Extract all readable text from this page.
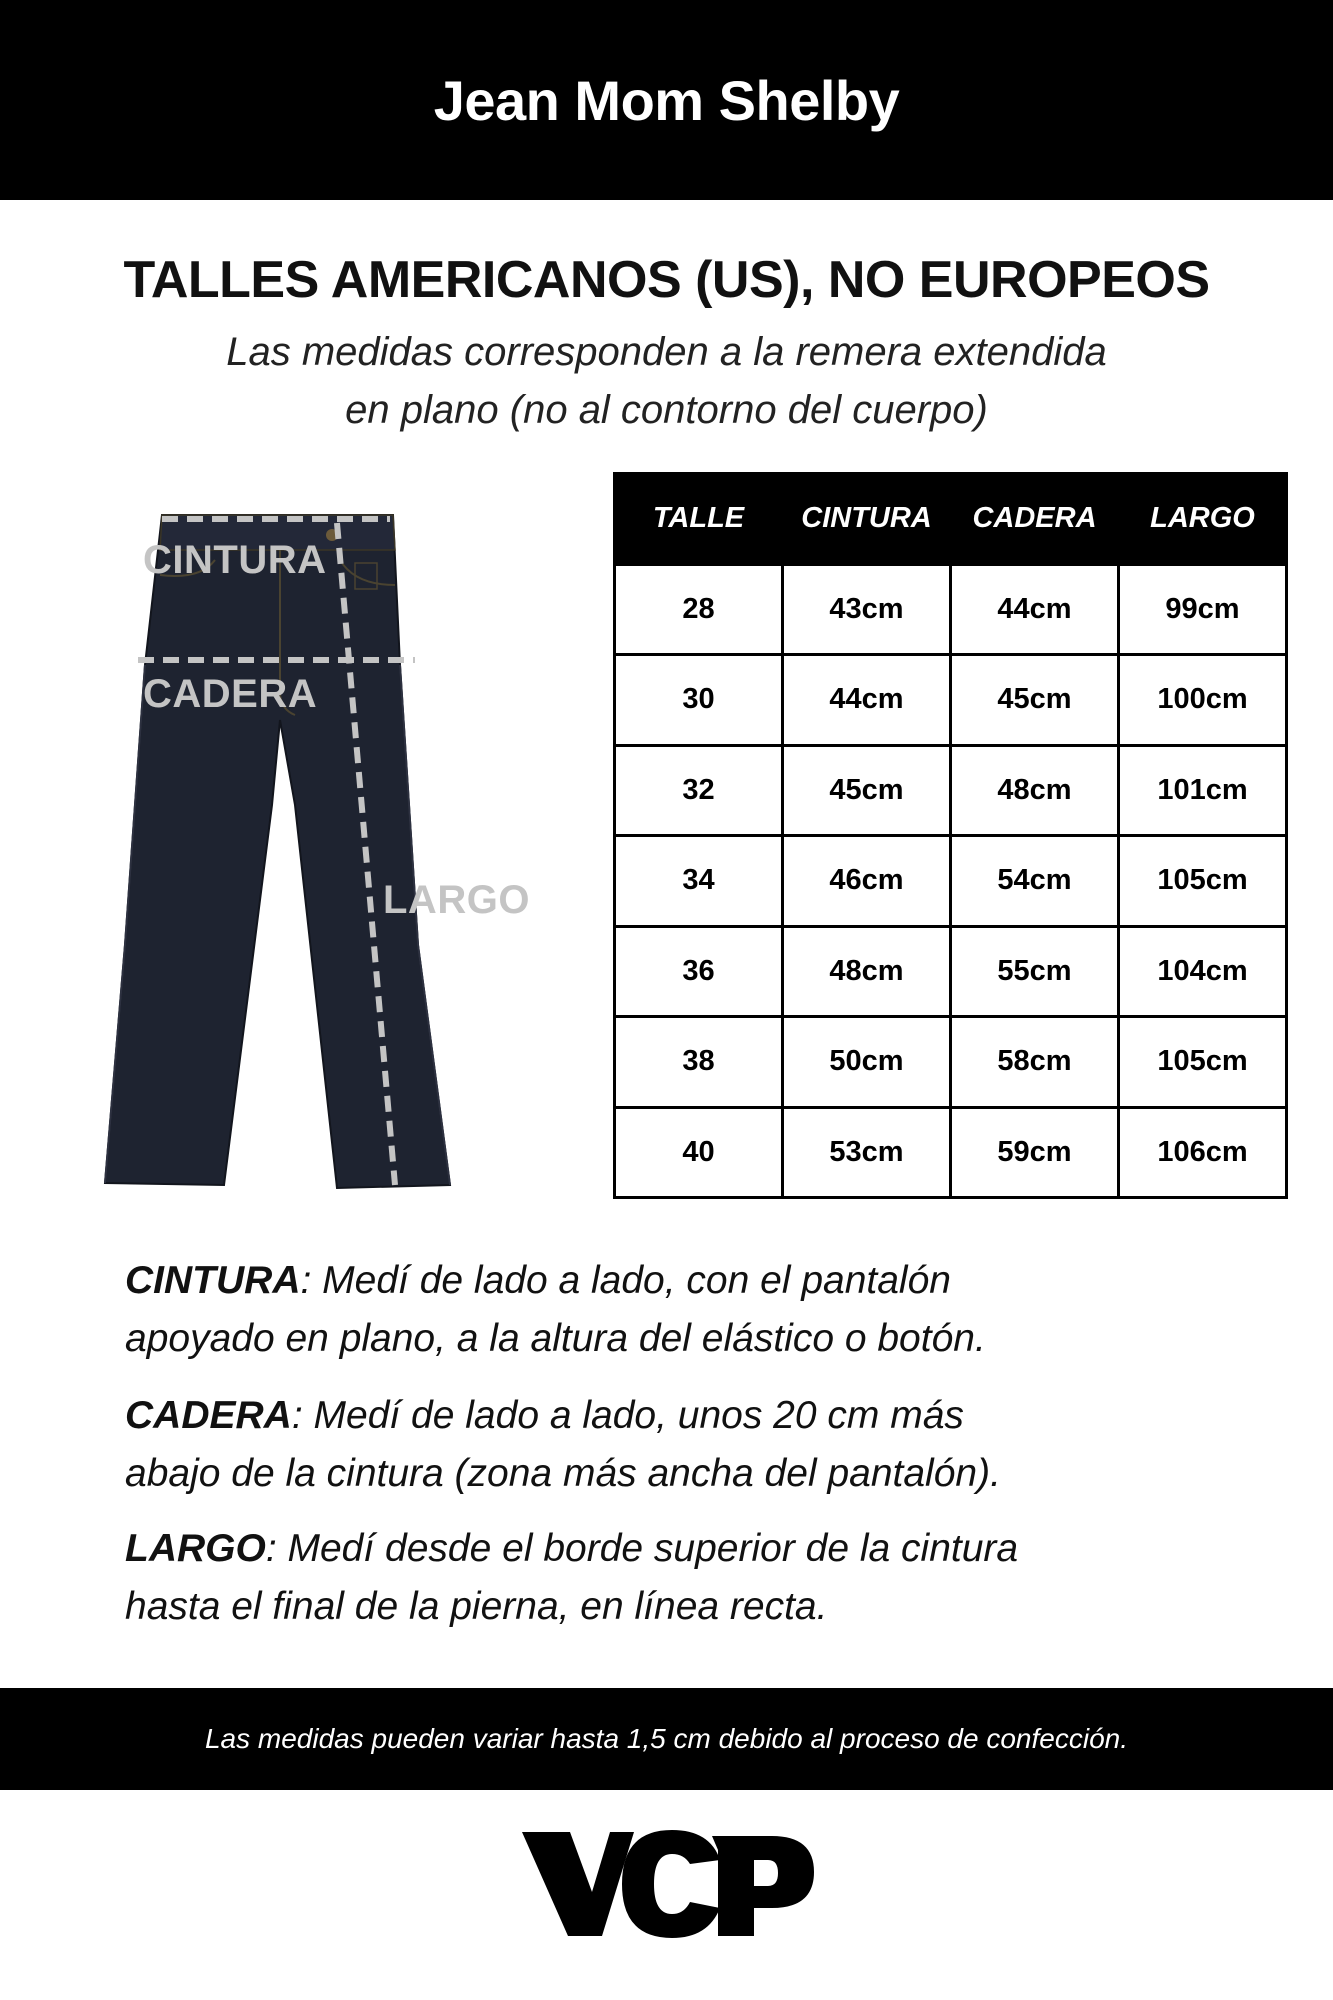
Jean Mom Shelby
TALLES AMERICANOS (US), NO EUROPEOS
Las medidas corresponden a la remera extendida
en plano (no al contorno del cuerpo)
CINTURA
CADERA
LARGO
TALLE	CINTURA	CADERA	LARGO
28	43cm	44cm	99cm
30	44cm	45cm	100cm
32	45cm	48cm	101cm
34	46cm	54cm	105cm
36	48cm	55cm	104cm
38	50cm	58cm	105cm
40	53cm	59cm	106cm
CINTURA: Medí de lado a lado, con el pantalón
apoyado en plano, a la altura del elástico o botón.
CADERA: Medí de lado a lado, unos 20 cm más
abajo de la cintura (zona más ancha del pantalón).
LARGO: Medí desde el borde superior de la cintura
hasta el final de la pierna, en línea recta.
Las medidas pueden variar hasta 1,5 cm debido al proceso de confección.
